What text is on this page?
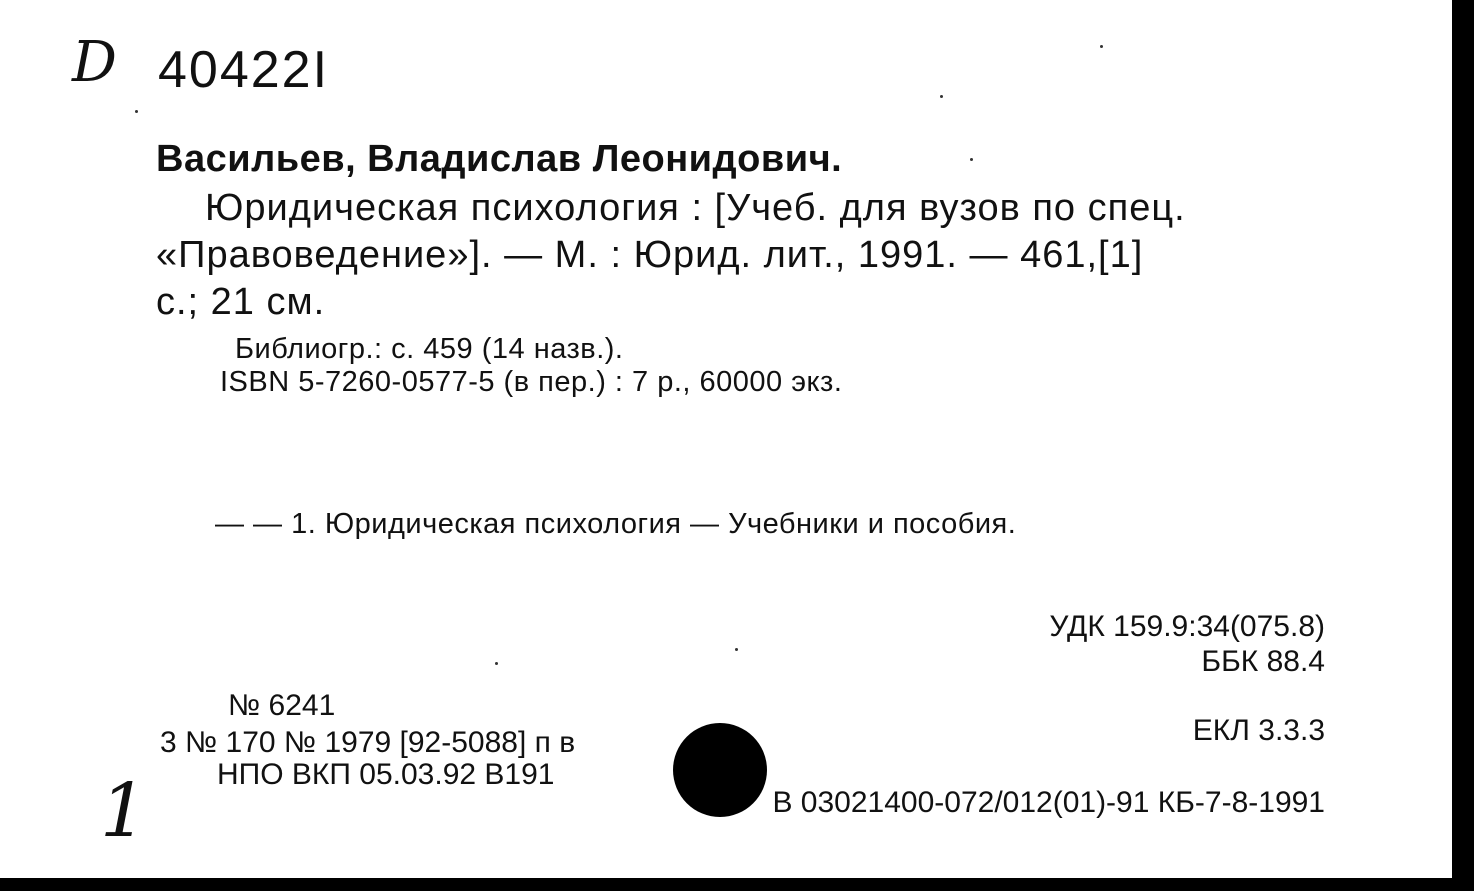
D 40422I
Васильев, Владислав Леонидович.
Юридическая психология : [Учеб. для вузов по спец.
«Правоведение»]. — М. : Юрид. лит., 1991. — 461,[1]
с.; 21 см.
Библиогр.: с. 459 (14 назв.).
ISBN 5-7260-0577-5 (в пер.) : 7 р., 60000 экз.
— — 1. Юридическая психология — Учебники и пособия.
УДК 159.9:34(075.8)
ББК 88.4
ЕКЛ 3.3.3
№ 6241
3 № 170 № 1979 [92-5088] п в
НПО ВКП 05.03.92 В191
В 03021400-072/012(01)-91 КБ-7-8-1991
1
